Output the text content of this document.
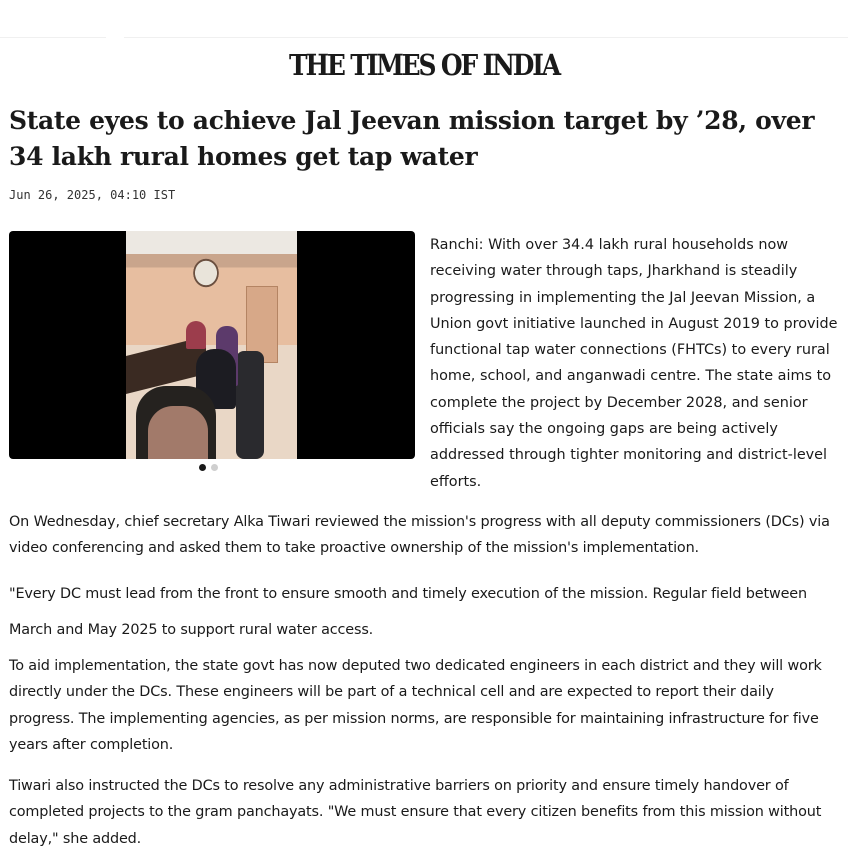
THE TIMES OF INDIA
State eyes to achieve Jal Jeevan mission target by ’28, over 34 lakh rural homes get tap water
Jun 26, 2025, 04:10 IST

Ranchi: With over 34.4 lakh rural households now receiving water through taps, Jharkhand is steadily progressing in implementing the Jal Jeevan Mission, a Union govt initiative launched in August 2019 to provide functional tap water connections (FHTCs) to every rural home, school, and anganwadi centre. The state aims to complete the project by December 2028, and senior officials say the ongoing gaps are being actively addressed through tighter monitoring and district-level efforts.

On Wednesday, chief secretary Alka Tiwari reviewed the mission's progress with all deputy commissioners (DCs) via video conferencing and asked them to take proactive ownership of the mission's implementation.

"Every DC must lead from the front to ensure smooth and timely execution of the mission. Regular field between March and May 2025 to support rural water access.

To aid implementation, the state govt has now deputed two dedicated engineers in each district and they will work directly under the DCs. These engineers will be part of a technical cell and are expected to report their daily progress. The implementing agencies, as per mission norms, are responsible for maintaining infrastructure for five years after completion.

Tiwari also instructed the DCs to resolve any administrative barriers on priority and ensure timely handover of completed projects to the gram panchayats. "We must ensure that every citizen benefits from this mission without delay," she added.
